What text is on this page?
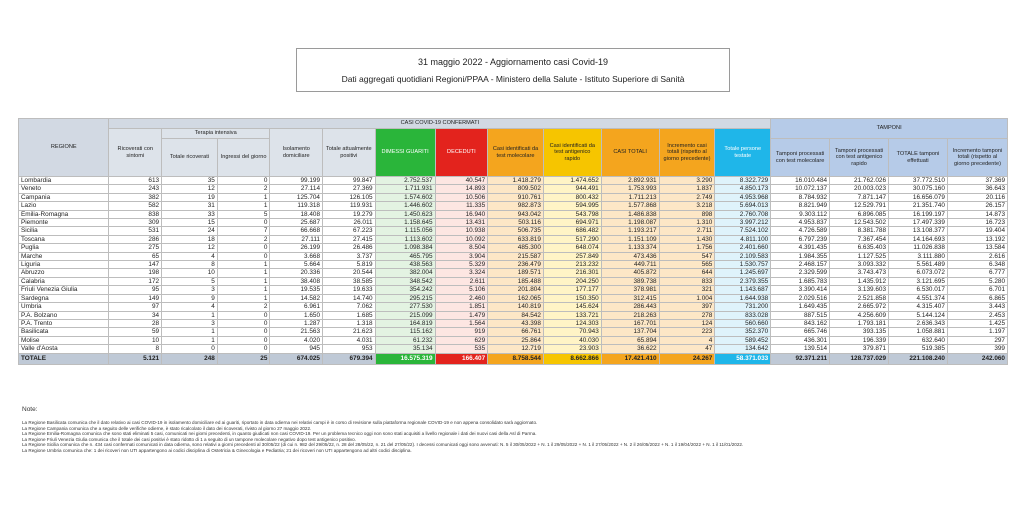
31 maggio 2022 - Aggiornamento casi Covid-19
Dati aggregati quotidiani Regioni/PPAA - Ministero della Salute - Istituto Superiore di Sanità
REGIONE	CASI COVID-19 CONFERMATI												TAMPONI			
	Ricoverati con sintomi	Terapia intensiva		Isolamento domiciliare	Totale attualmente positivi	DIMESSI GUARITI	DECEDUTI	Casi identificati da test molecolare	Casi identificati da test antigenico rapido	CASI TOTALI	Incremento casi totali (rispetto al giorno precedente)	Totale persone testate				
		Totale ricoverati	Ingressi del giorno										Tamponi processati con test molecolare	Tamponi processati con test antigenico rapido	TOTALE tamponi effettuati	Incremento tamponi totali (rispetto al giorno precedente)
Lombardia	613	35	0	99.199	99.847	2.752.537	40.547	1.418.279	1.474.652	2.892.931	3.290	8.322.729	16.010.484	21.762.026	37.772.510	37.369
Veneto	243	12	2	27.114	27.369	1.711.931	14.893	809.502	944.491	1.753.993	1.837	4.850.173	10.072.137	20.003.023	30.075.160	36.643
Campania	382	19	1	125.704	126.105	1.574.602	10.506	910.761	800.432	1.711.213	2.749	4.953.968	8.784.932	7.871.147	16.656.079	20.116
Lazio	582	31	1	119.318	119.931	1.446.602	11.335	982.873	594.995	1.577.868	3.218	5.694.013	8.821.949	12.529.791	21.351.740	26.157
Emilia-Romagna	838	33	5	18.408	19.279	1.450.623	16.940	943.042	543.798	1.486.838	898	2.760.708	9.303.112	6.896.085	16.199.197	14.873
Piemonte	309	15	0	25.687	26.011	1.158.645	13.431	503.116	694.971	1.198.087	1.310	3.997.212	4.953.837	12.543.502	17.497.339	16.723
Sicilia	531	24	7	66.668	67.223	1.115.056	10.938	506.735	686.482	1.193.217	2.711	7.524.102	4.726.589	8.381.788	13.108.377	19.404
Toscana	286	18	2	27.111	27.415	1.113.602	10.092	633.819	517.290	1.151.109	1.430	4.811.100	6.797.239	7.367.454	14.164.693	13.192
Puglia	275	12	0	26.199	26.486	1.098.384	8.504	485.300	648.074	1.133.374	1.756	2.401.660	4.391.435	6.635.403	11.026.838	13.584
Marche	65	4	0	3.668	3.737	465.795	3.904	215.587	257.849	473.436	547	2.109.583	1.984.355	1.127.525	3.111.880	2.616
Liguria	147	8	1	5.664	5.819	438.563	5.329	236.479	213.232	449.711	565	1.530.757	2.468.157	3.093.332	5.561.489	6.348
Abruzzo	198	10	1	20.336	20.544	382.004	3.324	189.571	216.301	405.872	644	1.245.697	2.329.599	3.743.473	6.073.072	6.777
Calabria	172	5	1	38.408	38.585	348.542	2.611	185.488	204.250	389.738	833	2.379.355	1.685.783	1.435.912	3.121.695	5.280
Friuli Venezia Giulia	95	3	1	19.535	19.633	354.242	5.106	201.804	177.177	378.981	321	1.143.687	3.390.414	3.139.603	6.530.017	6.701
Sardegna	149	9	1	14.582	14.740	295.215	2.460	162.065	150.350	312.415	1.004	1.644.938	2.029.516	2.521.858	4.551.374	6.865
Umbria	97	4	2	6.961	7.062	277.530	1.851	140.819	145.624	286.443	397	731.200	1.649.435	2.665.972	4.315.407	3.443
P.A. Bolzano	34	1	0	1.650	1.685	215.099	1.479	84.542	133.721	218.263	278	833.028	887.515	4.256.609	5.144.124	2.453
P.A. Trento	28	3	0	1.287	1.318	164.819	1.564	43.398	124.303	167.701	124	560.660	843.162	1.793.181	2.636.343	1.425
Basilicata	59	1	0	21.563	21.623	115.162	919	66.761	70.943	137.704	223	352.370	665.746	393.135	1.058.881	1.197
Molise	10	1	0	4.020	4.031	61.232	629	25.864	40.030	65.894	4	589.452	436.301	196.339	632.640	297
Valle d'Aosta	8	0	0	945	953	35.134	535	12.719	23.903	36.622	47	134.642	139.514	379.871	519.385	399
TOTALE	5.121	248	25	674.025	679.394	16.575.319	166.407	8.758.544	8.662.866	17.421.410	24.267	58.371.033	92.371.211	128.737.029	221.108.240	242.060
Note:
La Regione Basilicata comunica che il dato relativo ai casi COVID-19 in isolamento domiciliare ed ai guariti, riportato in data odierna nei relativi campi è in corso di revisione sulla piattaforma regionale COVID-19 e non appena consolidato sarà aggiornato.
La Regione Campania comunica che a seguito delle verifiche odierne, è stato ricalcolato il dato dei ricoverati, rivisto al giorno 27 maggio 2022.
La Regione Emilia-Romagna comunica che sono stati eliminati 5 casi, comunicati nei giorni precedenti, in quanto giudicati non casi COVID-19. Per un problema tecnico oggi non sono stati acquisiti a livello regionale i dati dei nuovi casi della Asl di Parma.
La Regione Friuli Venezia Giulia comunica che il totale dei casi positivi è stato ridotto di 1 a seguito di un tampone molecolare negativo dopo test antigenico positivo.
La Regione Sicilia comunica che n. 434 casi confermati comunicati in data odierna, sono relativi a giorni precedenti al 30/05/22 (di cui n. 982 del 29/05/22, n. 28 del 28/05/22, n. 21 del 27/05/22). I decessi comunicati oggi sono avvenuti: N. 5 il 30/05/2022 + N. 1 il 29/05/2022 + N. 1 il 27/05/2022 + N. 2 il 26/05/2022 + N. 1 il 19/04/2022 + N. 1 il 11/01/2022.
La Regione Umbria comunica che: 1 dei ricoveri non UTI appartengono ai codici disciplina di Ostetricia & Ginecologia e Pediatria; 21 dei ricoveri non UTI appartengono ad altri codici disciplina.
